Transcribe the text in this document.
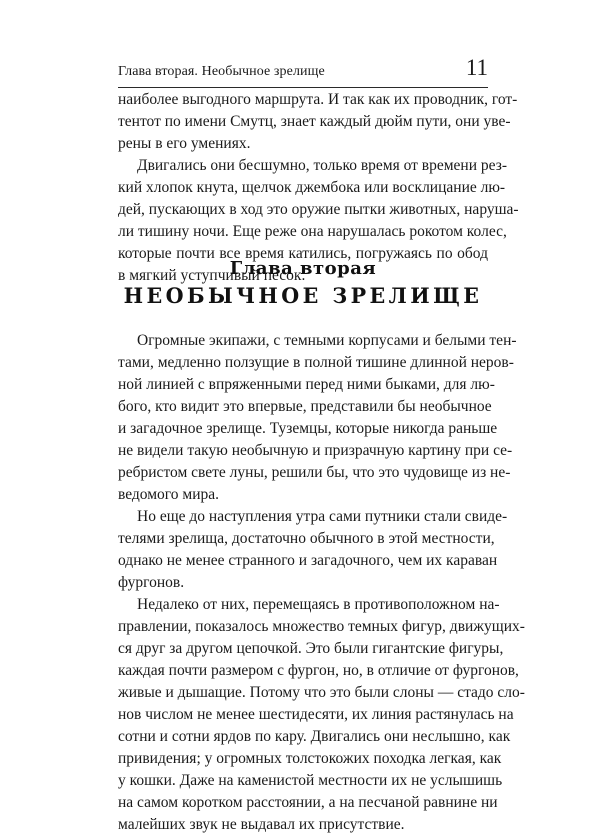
Глава вторая. Необычное зрелище	11
наиболее выгодного маршрута. И так как их проводник, гот-
тентот по имени Смутц, знает каждый дюйм пути, они уве-
рены в его умениях.
Двигались они бесшумно, только время от времени рез-
кий хлопок кнута, щелчок джембока или восклицание лю-
дей, пускающих в ход это оружие пытки животных, наруша-
ли тишину ночи. Еще реже она нарушалась рокотом колес,
которые почти все время катились, погружаясь по обод
в мягкий уступчивый песок.
Глава вторая
НЕОБЫЧНОЕ ЗРЕЛИЩЕ
Огромные экипажи, с темными корпусами и белыми тен-
тами, медленно ползущие в полной тишине длинной неров-
ной линией с впряженными перед ними быками, для лю-
бого, кто видит это впервые, представили бы необычное
и загадочное зрелище. Туземцы, которые никогда раньше
не видели такую необычную и призрачную картину при се-
ребристом свете луны, решили бы, что это чудовище из не-
ведомого мира.
Но еще до наступления утра сами путники стали свиде-
телями зрелища, достаточно обычного в этой местности,
однако не менее странного и загадочного, чем их караван
фургонов.
Недалеко от них, перемещаясь в противоположном на-
правлении, показалось множество темных фигур, движущих-
ся друг за другом цепочкой. Это были гигантские фигуры,
каждая почти размером с фургон, но, в отличие от фургонов,
живые и дышащие. Потому что это были слоны — стадо сло-
нов числом не менее шестидесяти, их линия растянулась на
сотни и сотни ярдов по кару. Двигались они неслышно, как
привидения; у огромных толстокожих походка легкая, как
у кошки. Даже на каменистой местности их не услышишь
на самом коротком расстоянии, а на песчаной равнине ни
малейших звук не выдавал их присутствие.
